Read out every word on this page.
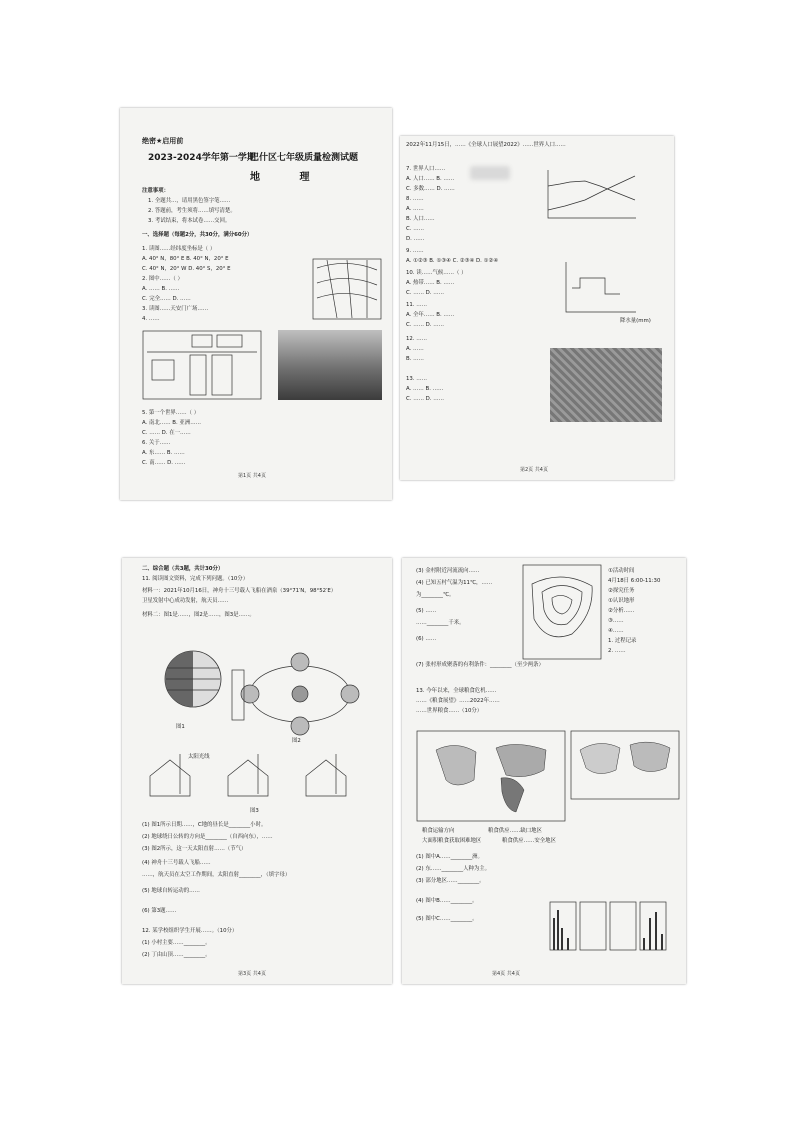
绝密★启用前
2023-2024学年第一学期
巴什区七年级质量检测试题
地 理
注意事项：
1. 全题共…，请用黑色签字笔……
2. 答题前，考生须将……填写清楚。
3. 考试结束，将本试卷……交回。
一、选择题（每题2分，共30分，满分60分）
1. 读图……经纬度坐标是（ ）
A. 40° N，80° E B. 40° N，20° E
C. 40° N，20° W D. 40° S，20° E
2. 图中……（ ）
A. …… B. ……
C. 完全…… D. ……
3. 读图……天安门广场……
4. ……
5. 第一个世界……（ ）
A. 南北…… B. 亚洲……
C. …… D. 在一……
6. 关于……
A. 东…… B. ……
C. 南…… D. ……
第1页 共4页
2022年11月15日，……《全球人口展望2022》……世界人口……
7. 世界人口……
A. 人口…… B. ……
C. 多数…… D. ……
8. ……
A. ……
B. 人口……
C. ……
D. ……
9. ……
A. ①②③ B. ①③④ C. ②③④ D. ①②④
降水量(mm)
10. 读……气候……（ ）
A. 热带…… B. ……
C. …… D. ……
11. ……
A. 全年…… B. ……
C. …… D. ……
12. ……
A. ……
B. ……
13. ……
A. …… B. ……
C. …… D. ……
第2页 共4页
二、综合题（共3题，共计30分）
11. 阅读图文资料，完成下列问题。（10分）
材料一：2021年10月16日，神舟十三号载人飞船在酒泉（39°71′N，98°52′E）
卫星发射中心成功发射，航天员……
材料二：图1是……，图2是……，图3是……。
图1
图2
太阳光线
图3
(1) 图1所示日期……，C地的昼长是________小时。
(2) 地球绕日公转的方向是________（自西向东），……
(3) 图2所示，这一天太阳直射……（节气）
(4) 神舟十三号载人飞船……
……，航天员在太空工作期间，太阳直射________，（填字母）
(5) 地球自转运动的……
(6) 第3题……
12. 某学校组织学生开展……。（10分）
(1) 小村主要……________。
(2) 丁由山顶……________。
第3页 共4页
(3) 金村附近河流流向……
(4) 已知五村气温为11℃，……
为________℃。
(5) ……
……________千米。
(6) ……
(7) 张村形成聚落的有利条件：________（至少两条）
①活动时间
4月18日 6:00-11:30
②探究任务
①认识地形
②分析……
③……
④……
1. 过程记录
2. ……
13. 今年以来，全球粮食危机……
……《粮食展望》……2022年……
……世界粮食……（10分）
粮食运输方向	粮食供应……缺口地区
大面积粮食获取困难地区	粮食供应……安全地区
(1) 图中A……________洲。
(2) 东……________人种为主。
(3) 部分地区……________。
(4) 图中B……________。
(5) 图中C……________。
第4页 共4页
